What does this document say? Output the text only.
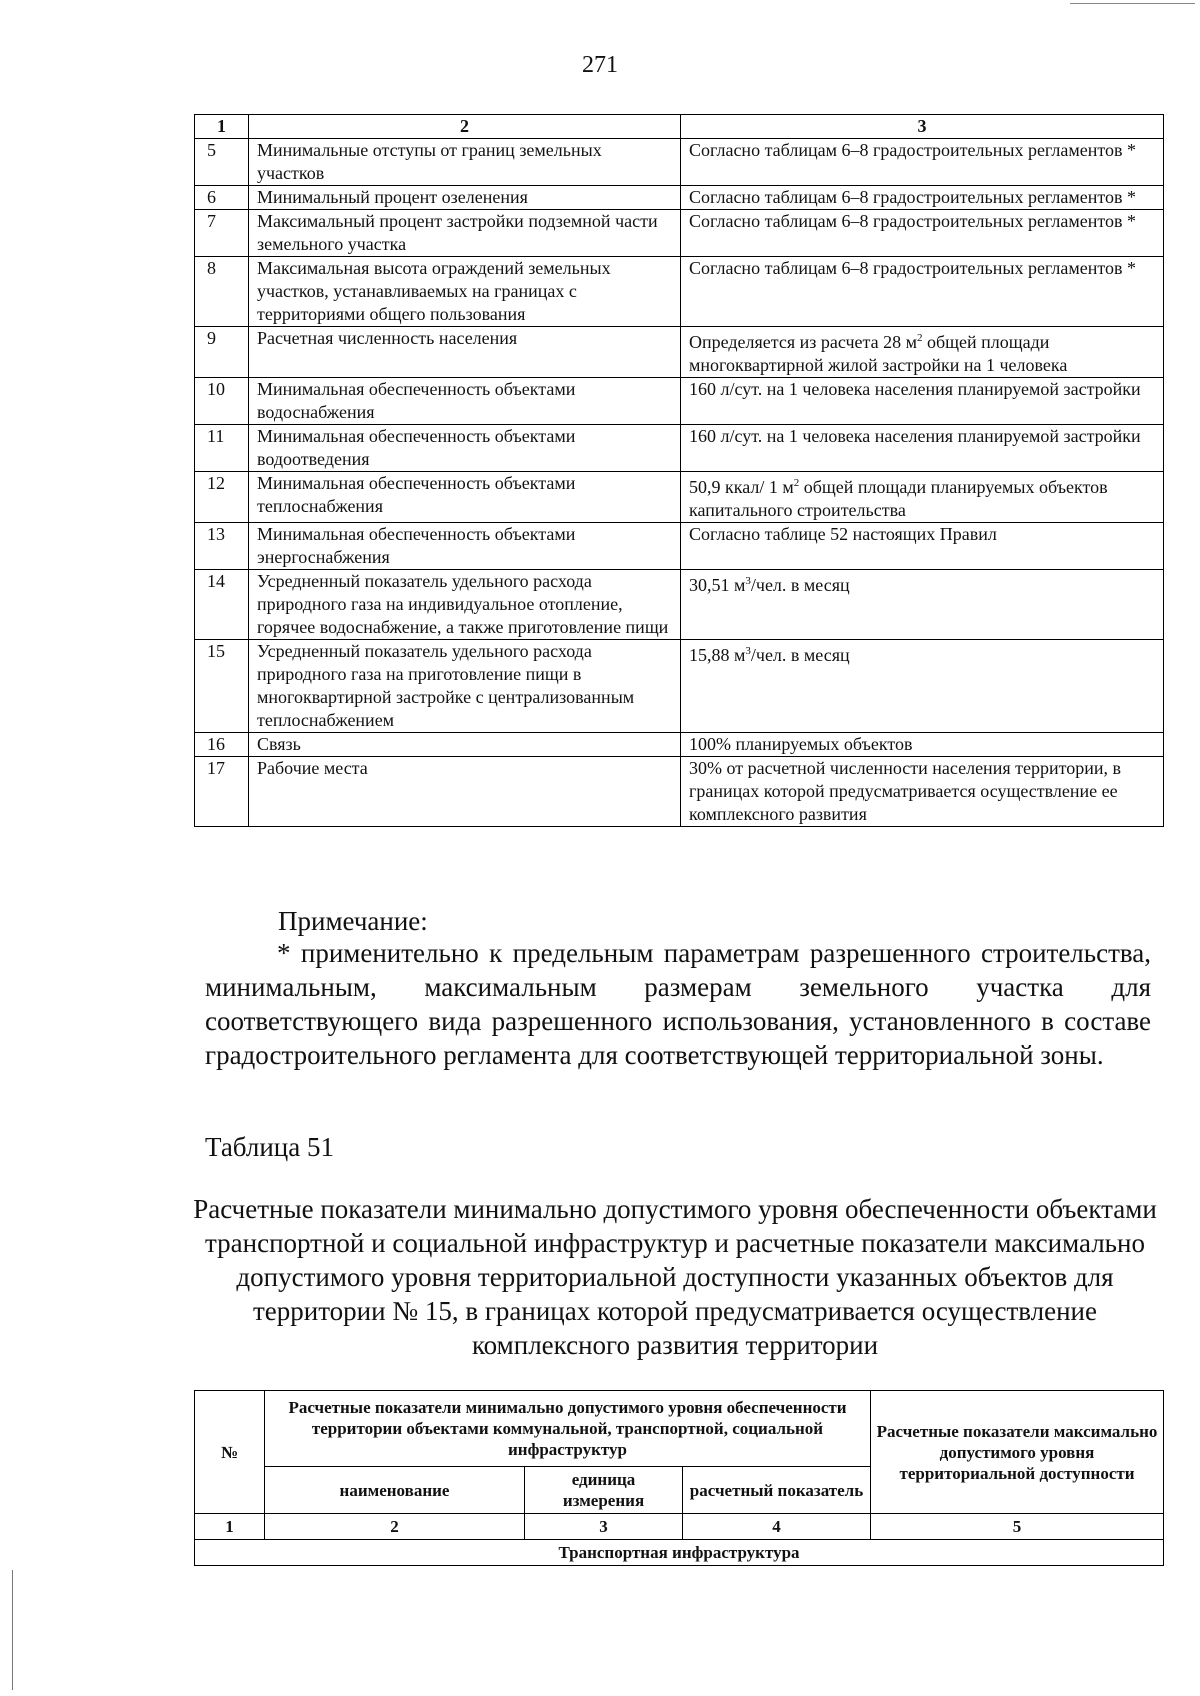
271
1	2	3
5	Минимальные отступы от границ земельных участков	Согласно таблицам 6–8 градостроительных регламентов *
6	Минимальный процент озеленения	Согласно таблицам 6–8 градостроительных регламентов *
7	Максимальный процент застройки подземной части земельного участка	Согласно таблицам 6–8 градостроительных регламентов *
8	Максимальная высота ограждений земельных участков, устанавливаемых на границах с территориями общего пользования	Согласно таблицам 6–8 градостроительных регламентов *
9	Расчетная численность населения	Определяется из расчета 28 $м^2$ общей площади многоквартирной жилой застройки на 1 человека
10	Минимальная обеспеченность объектами водоснабжения	160 л/сут. на 1 человека населения планируемой застройки
11	Минимальная обеспеченность объектами водоотведения	160 л/сут. на 1 человека населения планируемой застройки
12	Минимальная обеспеченность объектами теплоснабжения	50,9 ккал/ 1 $м^2$ общей площади планируемых объектов капитального строительства
13	Минимальная обеспеченность объектами энергоснабжения	Согласно таблице 52 настоящих Правил
14	Усредненный показатель удельного расхода природного газа на индивидуальное отопление, горячее водоснабжение, а также приготовление пищи	30,51 $м^3$/чел. в месяц
15	Усредненный показатель удельного расхода природного газа на приготовление пищи в многоквартирной застройке с централизованным теплоснабжением	15,88 $м^3$/чел. в месяц
16	Связь	100% планируемых объектов
17	Рабочие места	30% от расчетной численности населения территории, в границах которой предусматривается осуществление ее комплексного развития
Примечание:
* применительно к предельным параметрам разрешенного строительства, минимальным, максимальным размерам земельного участка для соответствующего вида разрешенного использования, установленного в составе градостроительного регламента для соответствующей территориальной зоны.
Таблица 51
Расчетные показатели минимально допустимого уровня обеспеченности объектами транспортной и социальной инфраструктур и расчетные показатели максимально допустимого уровня территориальной доступности указанных объектов для территории № 15, в границах которой предусматривается осуществление комплексного развития территории
№	Расчетные показатели минимально допустимого уровня обеспеченности территории объектами коммунальной, транспортной, социальной инфраструктур			Расчетные показатели максимально допустимого уровня территориальной доступности
	наименование	единица измерения	расчетный показатель	
1	2	3	4	5
Транспортная инфраструктура				
